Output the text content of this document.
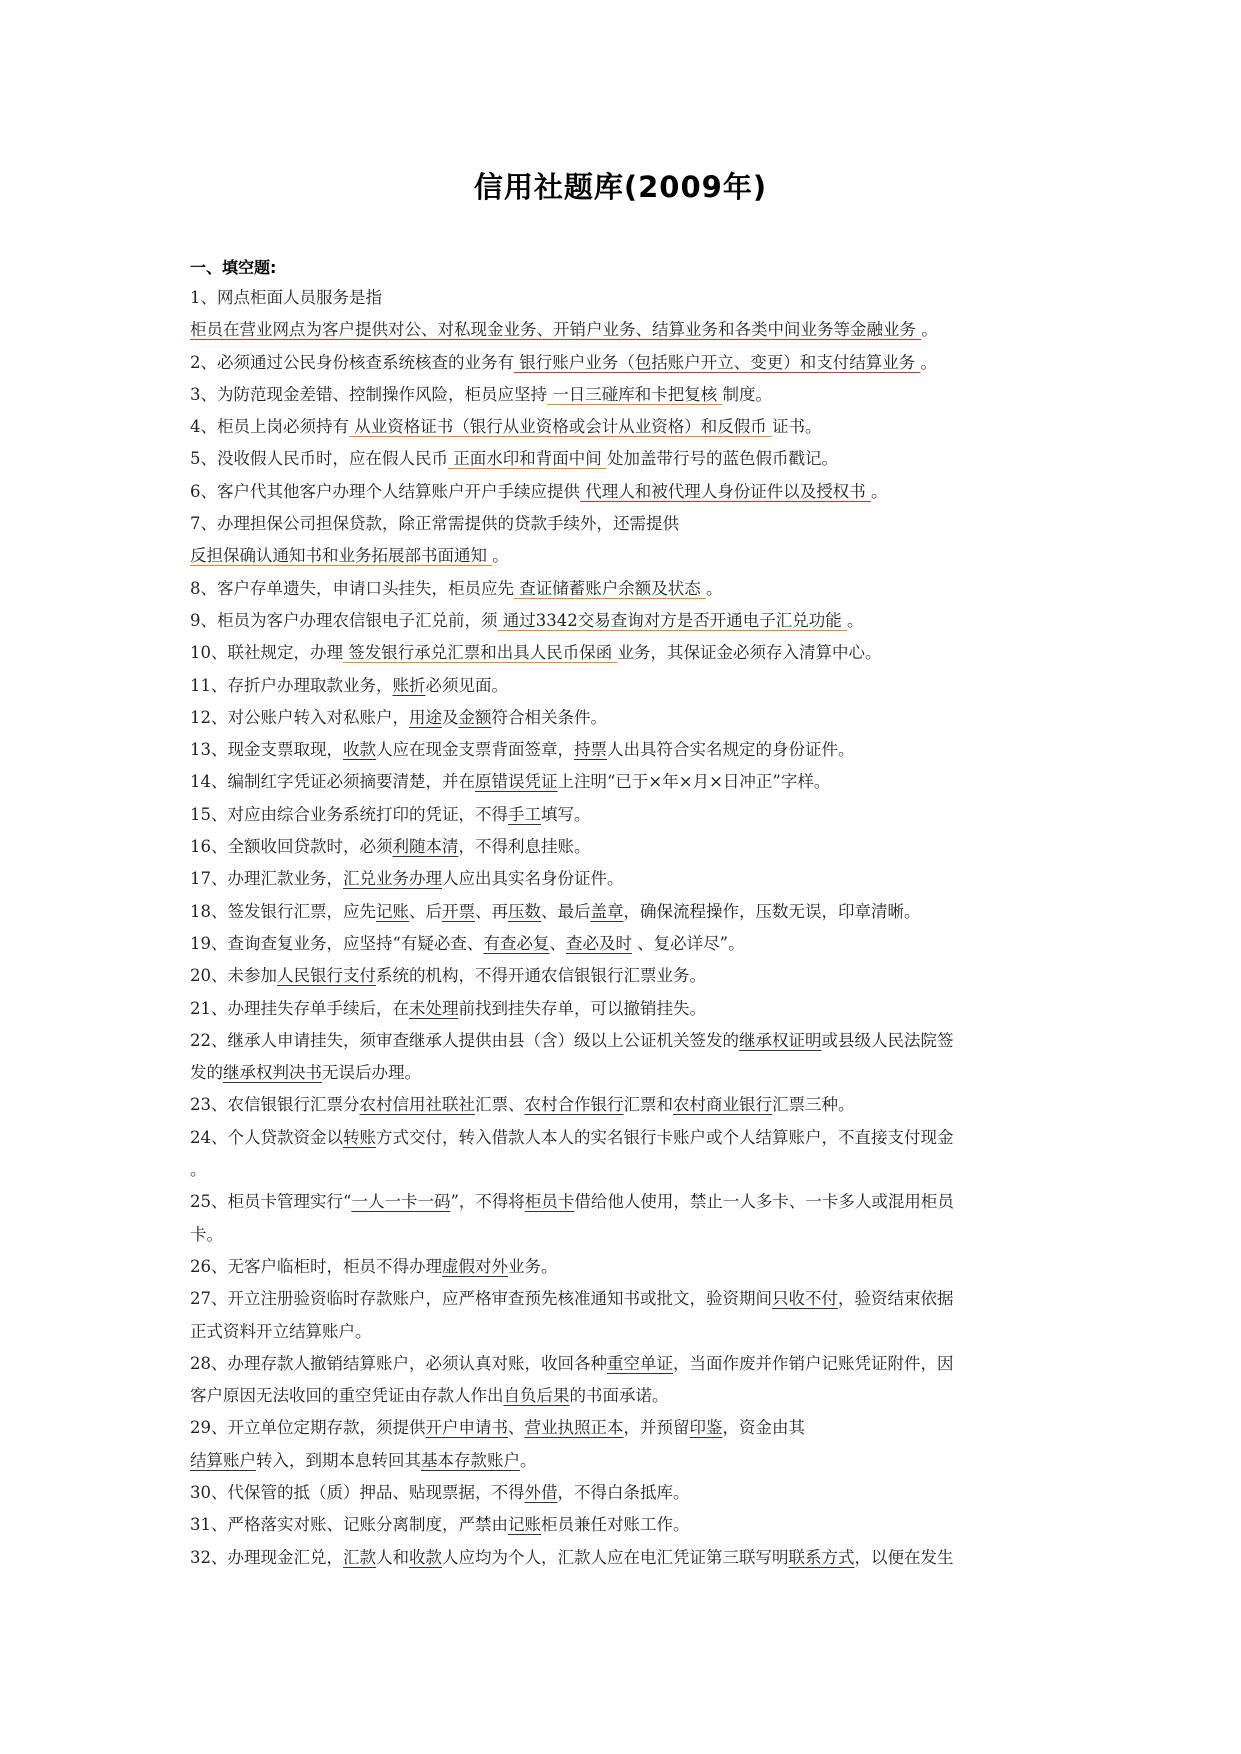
信用社题库(2009年)
一、填空题:
1、网点柜面人员服务是指
柜员在营业网点为客户提供对公、对私现金业务、开销户业务、结算业务和各类中间业务等金融业务 。
2、必须通过公民身份核查系统核查的业务有 银行账户业务（包括账户开立、变更）和支付结算业务 。
3、为防范现金差错、控制操作风险，柜员应坚持 一日三碰库和卡把复核 制度。
4、柜员上岗必须持有 从业资格证书（银行从业资格或会计从业资格）和反假币 证书。
5、没收假人民币时，应在假人民币 正面水印和背面中间 处加盖带行号的蓝色假币戳记。
6、客户代其他客户办理个人结算账户开户手续应提供 代理人和被代理人身份证件以及授权书 。
7、办理担保公司担保贷款，除正常需提供的贷款手续外，还需提供
反担保确认通知书和业务拓展部书面通知 。
8、客户存单遗失，申请口头挂失，柜员应先 查证储蓄账户余额及状态 。
9、柜员为客户办理农信银电子汇兑前，须 通过3342交易查询对方是否开通电子汇兑功能 。
10、联社规定，办理 签发银行承兑汇票和出具人民币保函 业务，其保证金必须存入清算中心。
11、存折户办理取款业务，账折必须见面。
12、对公账户转入对私账户，用途及金额符合相关条件。
13、现金支票取现，收款人应在现金支票背面签章，持票人出具符合实名规定的身份证件。
14、编制红字凭证必须摘要清楚，并在原错误凭证上注明“已于×年×月×日冲正”字样。
15、对应由综合业务系统打印的凭证，不得手工填写。
16、全额收回贷款时，必须利随本清，不得利息挂账。
17、办理汇款业务，汇兑业务办理人应出具实名身份证件。
18、签发银行汇票，应先记账、后开票、再压数、最后盖章，确保流程操作，压数无误，印章清晰。
19、查询查复业务，应坚持“有疑必查、有查必复、查必及时 、复必详尽”。
20、未参加人民银行支付系统的机构，不得开通农信银银行汇票业务。
21、办理挂失存单手续后，在未处理前找到挂失存单，可以撤销挂失。
22、继承人申请挂失，须审查继承人提供由县（含）级以上公证机关签发的继承权证明或县级人民法院签
发的继承权判决书无误后办理。
23、农信银银行汇票分农村信用社联社汇票、农村合作银行汇票和农村商业银行汇票三种。
24、个人贷款资金以转账方式交付，转入借款人本人的实名银行卡账户或个人结算账户，不直接支付现金
。
25、柜员卡管理实行“一人一卡一码”，不得将柜员卡借给他人使用，禁止一人多卡、一卡多人或混用柜员
卡。
26、无客户临柜时，柜员不得办理虚假对外业务。
27、开立注册验资临时存款账户，应严格审查预先核准通知书或批文，验资期间只收不付，验资结束依据
正式资料开立结算账户。
28、办理存款人撤销结算账户，必须认真对账，收回各种重空单证，当面作废并作销户记账凭证附件，因
客户原因无法收回的重空凭证由存款人作出自负后果的书面承诺。
29、开立单位定期存款，须提供开户申请书、营业执照正本，并预留印鉴，资金由其
结算账户转入，到期本息转回其基本存款账户。
30、代保管的抵（质）押品、贴现票据，不得外借，不得白条抵库。
31、严格落实对账、记账分离制度，严禁由记账柜员兼任对账工作。
32、办理现金汇兑，汇款人和收款人应均为个人，汇款人应在电汇凭证第三联写明联系方式，以便在发生
